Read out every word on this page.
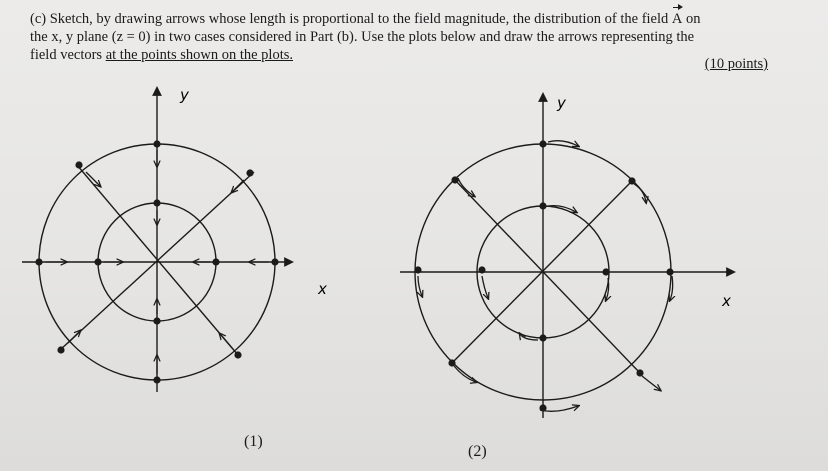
(c) Sketch, by drawing arrows whose length is proportional to the field magnitude, the distribution of the field A on
the x, y plane (z = 0) in two cases considered in Part (b). Use the plots below and draw the arrows representing the
field vectors at the points shown on the plots.
(10 points)
y
x
y
x
(1)
(2)
